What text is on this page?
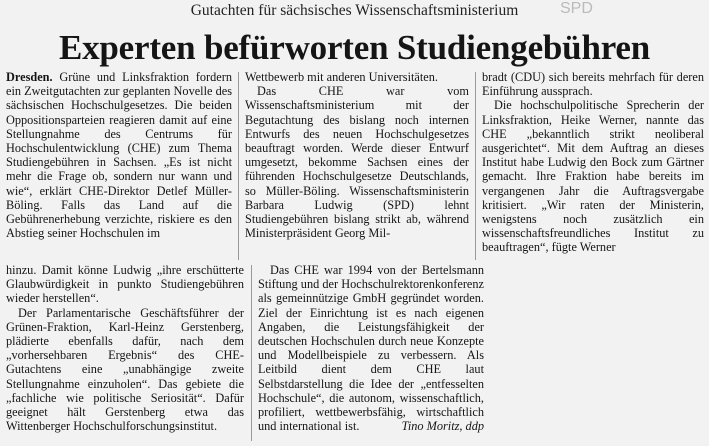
SPD
Gutachten für sächsisches Wissenschaftsministerium
Experten befürworten Studiengebühren

Dresden. Grüne und Linksfraktion fordern ein Zweitgutachten zur geplanten Novelle des sächsischen Hochschulgesetzes. Die beiden Oppositionsparteien reagieren damit auf eine Stellungnahme des Centrums für Hochschulentwicklung (CHE) zum Thema Studiengebühren in Sachsen. „Es ist nicht mehr die Frage ob, sondern nur wann und wie“, erklärt CHE-Direktor Detlef Müller-Böling. Falls das Land auf die Gebührenerhebung verzichte, riskiere es den Abstieg seiner Hochschulen im

Wettbewerb mit anderen Universitäten.

Das CHE war vom Wissenschaftsministerium mit der Begutachtung des bislang noch internen Entwurfs des neuen Hochschulgesetzes beauftragt worden. Werde dieser Entwurf umgesetzt, bekomme Sachsen eines der führenden Hochschulgesetze Deutschlands, so Müller-Böling. Wissenschaftsministerin Barbara Ludwig (SPD) lehnt Studiengebühren bislang strikt ab, während Ministerpräsident Georg Mil-

bradt (CDU) sich bereits mehrfach für deren Einführung aussprach.

Die hochschulpolitische Sprecherin der Linksfraktion, Heike Werner, nannte das CHE „bekanntlich strikt neoliberal ausgerichtet“. Mit dem Auftrag an dieses Institut habe Ludwig den Bock zum Gärtner gemacht. Ihre Fraktion habe bereits im vergangenen Jahr die Auftragsvergabe kritisiert. „Wir raten der Ministerin, wenigstens noch zusätzlich ein wissenschaftsfreundliches Institut zu beauftragen“, fügte Werner

hinzu. Damit könne Ludwig „ihre erschütterte Glaubwürdigkeit in punkto Studiengebühren wieder herstellen“.

Der Parlamentarische Geschäftsführer der Grünen-Fraktion, Karl-Heinz Gerstenberg, plädierte ebenfalls dafür, nach dem „vorhersehbaren Ergebnis“ des CHE-Gutachtens eine „unabhängige zweite Stellungnahme einzuholen“. Das gebiete die „fachliche wie politische Seriosität“. Dafür geeignet hält Gerstenberg etwa das Wittenberger Hochschulforschungsinstitut.

Das CHE war 1994 von der Bertelsmann Stiftung und der Hochschulrektorenkonferenz als gemeinnützige GmbH gegründet worden. Ziel der Einrichtung ist es nach eigenen Angaben, die Leistungsfähigkeit der deutschen Hochschulen durch neue Konzepte und Modellbeispiele zu verbessern. Als Leitbild dient dem CHE laut Selbstdarstellung die Idee der „entfesselten Hochschule“, die autonom, wissenschaftlich, profiliert, wettbewerbsfähig, wirtschaftlich und international ist.	Tino Moritz, ddp
